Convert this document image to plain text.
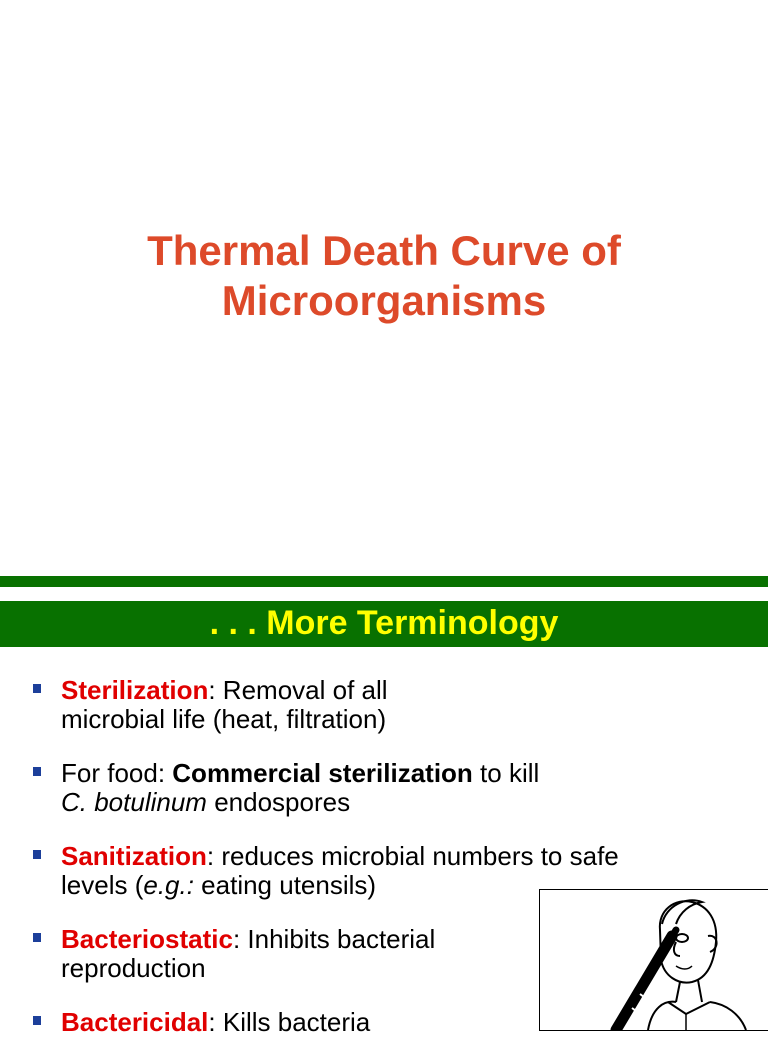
Thermal Death Curve of
Microorganisms
. . . More Terminology
Sterilization: Removal of all
microbial life (heat, filtration)
For food: Commercial sterilization to kill
C. botulinum endospores
Sanitization: reduces microbial numbers to safe
levels (e.g.: eating utensils)
Bacteriostatic: Inhibits bacterial
reproduction
Bactericidal: Kills bacteria
